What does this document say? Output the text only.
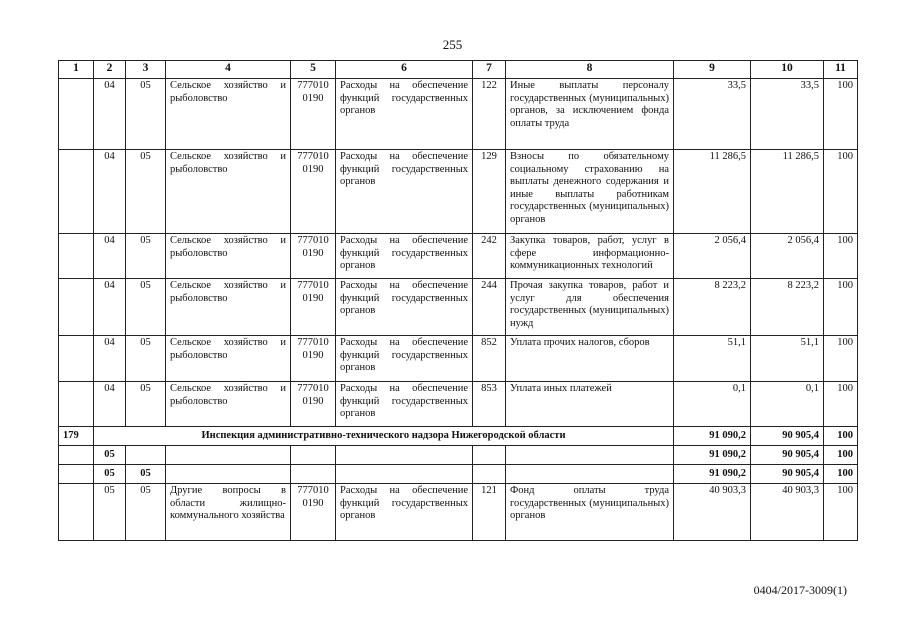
255
1	2	3	4	5	6	7	8	9	10	11
	04	05	Сельское хозяйство и рыболовство	777010 0190	Расходы на обеспечение функций государственных органов	122	Иные выплаты персоналу государственных (муниципальных) органов, за исключением фонда оплаты труда	33,5	33,5	100
	04	05	Сельское хозяйство и рыболовство	777010 0190	Расходы на обеспечение функций государственных органов	129	Взносы по обязательному социальному страхованию на выплаты денежного содержания и иные выплаты работникам государственных (муниципальных) органов	11 286,5	11 286,5	100
	04	05	Сельское хозяйство и рыболовство	777010 0190	Расходы на обеспечение функций государственных органов	242	Закупка товаров, работ, услуг в сфере информационно-коммуникационных технологий	2 056,4	2 056,4	100
	04	05	Сельское хозяйство и рыболовство	777010 0190	Расходы на обеспечение функций государственных органов	244	Прочая закупка товаров, работ и услуг для обеспечения государственных (муниципальных) нужд	8 223,2	8 223,2	100
	04	05	Сельское хозяйство и рыболовство	777010 0190	Расходы на обеспечение функций государственных органов	852	Уплата прочих налогов, сборов	51,1	51,1	100
	04	05	Сельское хозяйство и рыболовство	777010 0190	Расходы на обеспечение функций государственных органов	853	Уплата иных платежей	0,1	0,1	100
179	Инспекция административно-технического надзора Нижегородской области							91 090,2	90 905,4	100
	05							91 090,2	90 905,4	100
	05	05						91 090,2	90 905,4	100
	05	05	Другие вопросы в области жилищно-коммунального хозяйства	777010 0190	Расходы на обеспечение функций государственных органов	121	Фонд оплаты труда государственных (муниципальных) органов	40 903,3	40 903,3	100
0404/2017-3009(1)
